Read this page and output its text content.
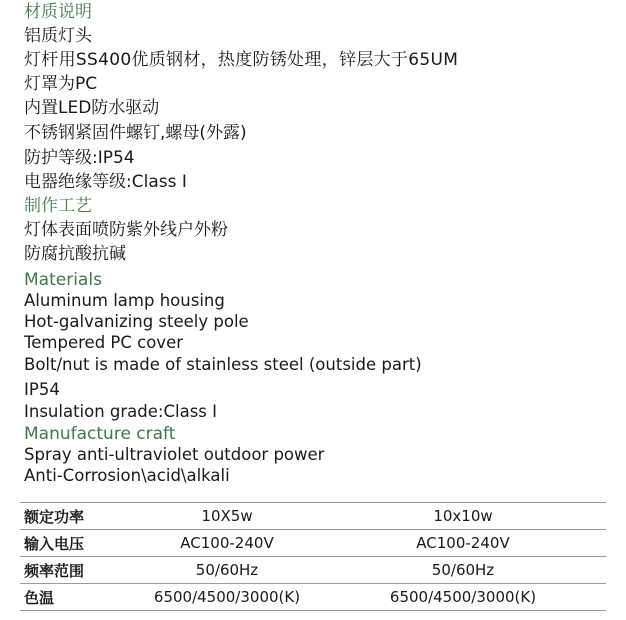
材质说明
铝质灯头
灯杆用SS400优质钢材，热度防锈处理，锌层大于65UM
灯罩为PC
内置LED防水驱动
不锈钢紧固件螺钉,螺母(外露)
防护等级:IP54
电器绝缘等级:Class I
制作工艺
灯体表面喷防紫外线户外粉
防腐抗酸抗碱
Materials
Aluminum lamp housing
Hot-galvanizing steely pole
Tempered PC cover
Bolt/nut is made of stainless steel (outside part)
IP54
Insulation grade:Class I
Manufacture craft
Spray anti-ultraviolet outdoor power
Anti-Corrosion\acid\alkali
额定功率	10X5w	10x10w
输入电压	AC100-240V	AC100-240V
频率范围	50/60Hz	50/60Hz
色温	6500/4500/3000(K)	6500/4500/3000(K)
